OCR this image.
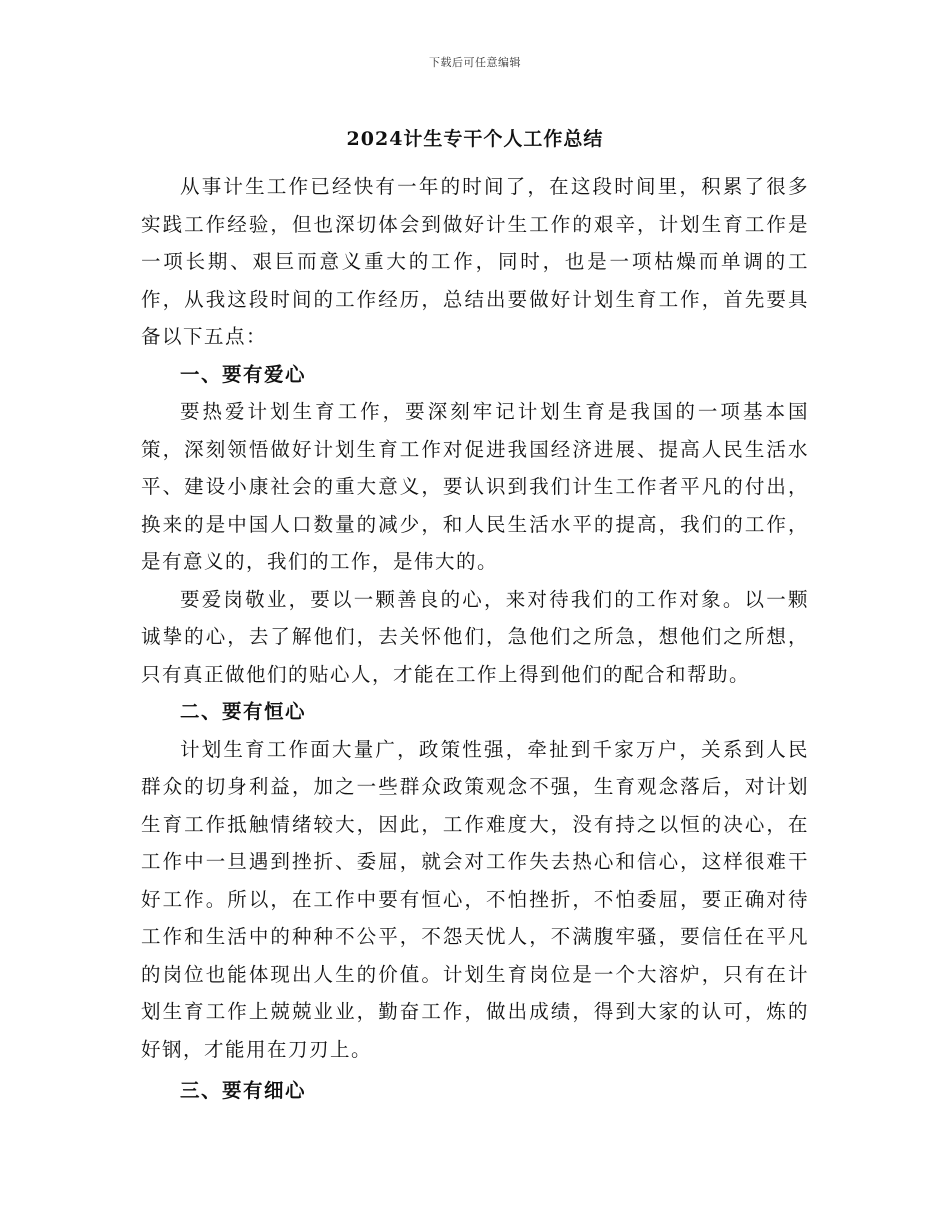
下载后可任意编辑
2024计生专干个人工作总结

从事计生工作已经快有一年的时间了，在这段时间里，积累了很多实践工作经验，但也深切体会到做好计生工作的艰辛，计划生育工作是一项长期、艰巨而意义重大的工作，同时，也是一项枯燥而单调的工作，从我这段时间的工作经历，总结出要做好计划生育工作，首先要具备以下五点：

一、要有爱心

要热爱计划生育工作，要深刻牢记计划生育是我国的一项基本国策，深刻领悟做好计划生育工作对促进我国经济进展、提高人民生活水平、建设小康社会的重大意义，要认识到我们计生工作者平凡的付出，换来的是中国人口数量的减少，和人民生活水平的提高，我们的工作，是有意义的，我们的工作，是伟大的。

要爱岗敬业，要以一颗善良的心，来对待我们的工作对象。以一颗诚挚的心，去了解他们，去关怀他们，急他们之所急，想他们之所想，只有真正做他们的贴心人，才能在工作上得到他们的配合和帮助。

二、要有恒心

计划生育工作面大量广，政策性强，牵扯到千家万户，关系到人民群众的切身利益，加之一些群众政策观念不强，生育观念落后，对计划生育工作抵触情绪较大，因此，工作难度大，没有持之以恒的决心，在工作中一旦遇到挫折、委屈，就会对工作失去热心和信心，这样很难干好工作。所以，在工作中要有恒心，不怕挫折，不怕委屈，要正确对待工作和生活中的种种不公平，不怨天忧人，不满腹牢骚，要信任在平凡的岗位也能体现出人生的价值。计划生育岗位是一个大溶炉，只有在计划生育工作上兢兢业业，勤奋工作，做出成绩，得到大家的认可，炼的好钢，才能用在刀刃上。

三、要有细心
